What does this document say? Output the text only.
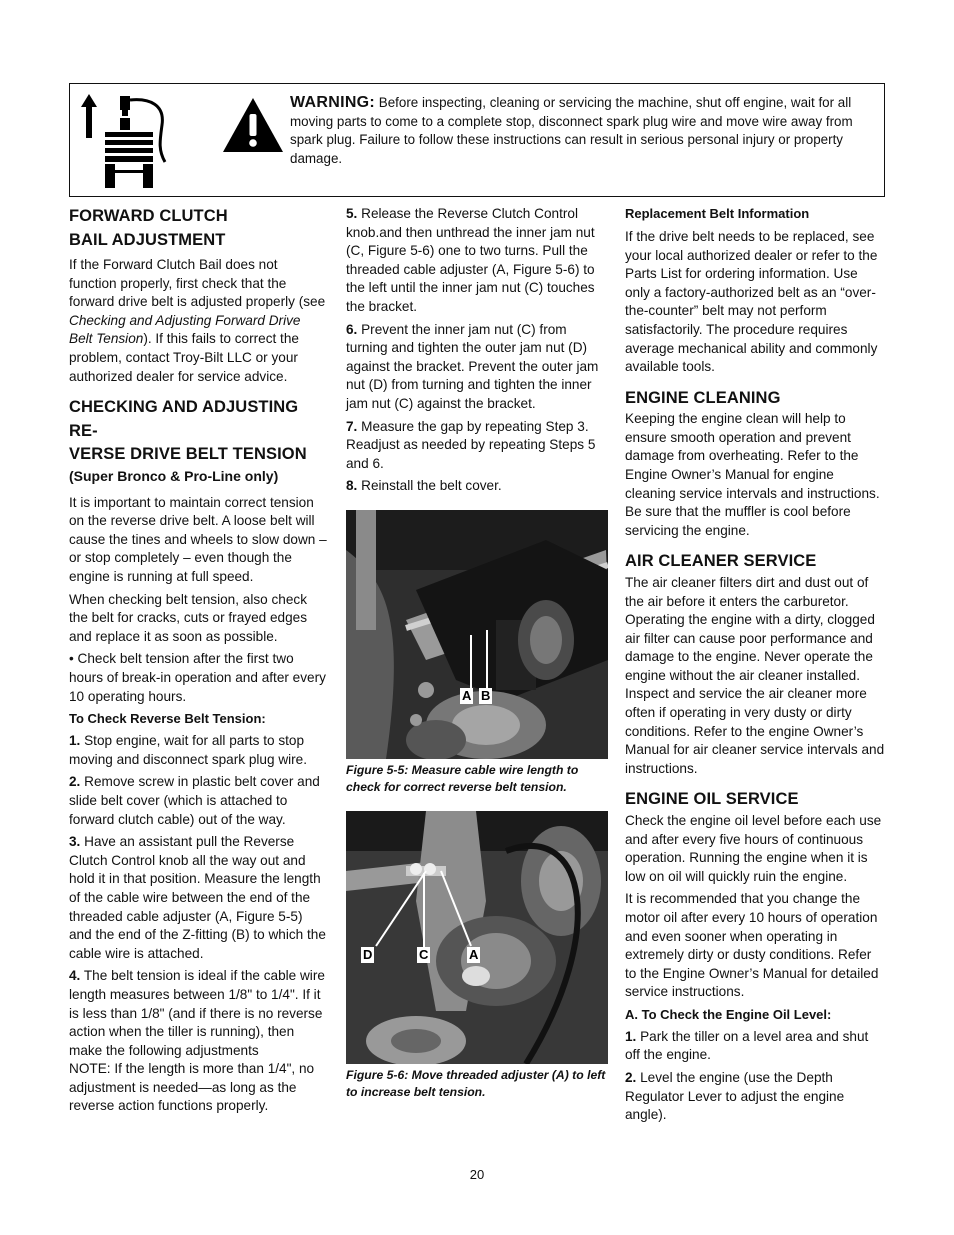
WARNING: Before inspecting, cleaning or servicing the machine, shut off engine, wait for all moving parts to come to a complete stop, disconnect spark plug wire and move wire away from spark plug. Failure to follow these instructions can result in serious personal injury or property damage.
FORWARD CLUTCH
BAIL ADJUSTMENT

If the Forward Clutch Bail does not function properly, first check that the forward drive belt is adjusted properly (see Checking and Adjusting Forward Drive Belt Tension). If this fails to correct the problem, contact Troy-Bilt LLC or your authorized dealer for service advice.

CHECKING AND ADJUSTING RE-
VERSE DRIVE BELT TENSION
(Super Bronco & Pro-Line only)

It is important to maintain correct tension on the reverse drive belt. A loose belt will cause the tines and wheels to slow down – or stop completely – even though the engine is running at full speed.

When checking belt tension, also check the belt for cracks, cuts or frayed edges and replace it as soon as possible.

• Check belt tension after the first two hours of break-in operation and after every 10 operating hours.

To Check Reverse Belt Tension:

1. Stop engine, wait for all parts to stop moving and disconnect spark plug wire.

2. Remove screw in plastic belt cover and slide belt cover (which is attached to forward clutch cable) out of the way.

3. Have an assistant pull the Reverse Clutch Control knob all the way out and hold it in that position. Measure the length of the cable wire between the end of the threaded cable adjuster (A, Figure 5-5) and the end of the Z-fitting (B) to which the cable wire is attached.

4. The belt tension is ideal if the cable wire length measures between 1/8" to 1/4". If it is less than 1/8" (and if there is no reverse action when the tiller is running), then make the following adjustments

NOTE: If the length is more than 1/4", no adjustment is needed—as long as the reverse action functions properly.

5. Release the Reverse Clutch Control knob.and then unthread the inner jam nut (C, Figure 5-6) one to two turns. Pull the threaded cable adjuster (A, Figure 5-6) to the left until the inner jam nut (C) touches the bracket.

6. Prevent the inner jam nut (C) from turning and tighten the outer jam nut (D) against the bracket. Prevent the outer jam nut (D) from turning and tighten the inner jam nut (C) against the bracket.

7. Measure the gap by repeating Step 3. Readjust as needed by repeating Steps 5 and 6.

8. Reinstall the belt cover.

A B
Figure 5-5: Measure cable wire length to check for correct reverse belt tension.
D	C	A
Figure 5-6: Move threaded adjuster (A) to left to increase belt tension.
Replacement Belt Information

If the drive belt needs to be replaced, see your local authorized dealer or refer to the Parts List for ordering information. Use only a factory-authorized belt as an “over-the-counter” belt may not perform satisfactorily. The procedure requires average mechanical ability and commonly available tools.

ENGINE CLEANING

Keeping the engine clean will help to ensure smooth operation and prevent damage from overheating. Refer to the Engine Owner’s Manual for engine cleaning service intervals and instructions. Be sure that the muffler is cool before servicing the engine.

AIR CLEANER SERVICE

The air cleaner filters dirt and dust out of the air before it enters the carburetor. Operating the engine with a dirty, clogged air filter can cause poor performance and damage to the engine. Never operate the engine without the air cleaner installed. Inspect and service the air cleaner more often if operating in very dusty or dirty conditions. Refer to the engine Owner’s Manual for air cleaner service intervals and instructions.

ENGINE OIL SERVICE

Check the engine oil level before each use and after every five hours of continuous operation. Running the engine when it is low on oil will quickly ruin the engine.

It is recommended that you change the motor oil after every 10 hours of operation and even sooner when operating in extremely dirty or dusty conditions. Refer to the Engine Owner’s Manual for detailed service instructions.

A. To Check the Engine Oil Level:

1. Park the tiller on a level area and shut off the engine.

2. Level the engine (use the Depth Regulator Lever to adjust the engine angle).

20
